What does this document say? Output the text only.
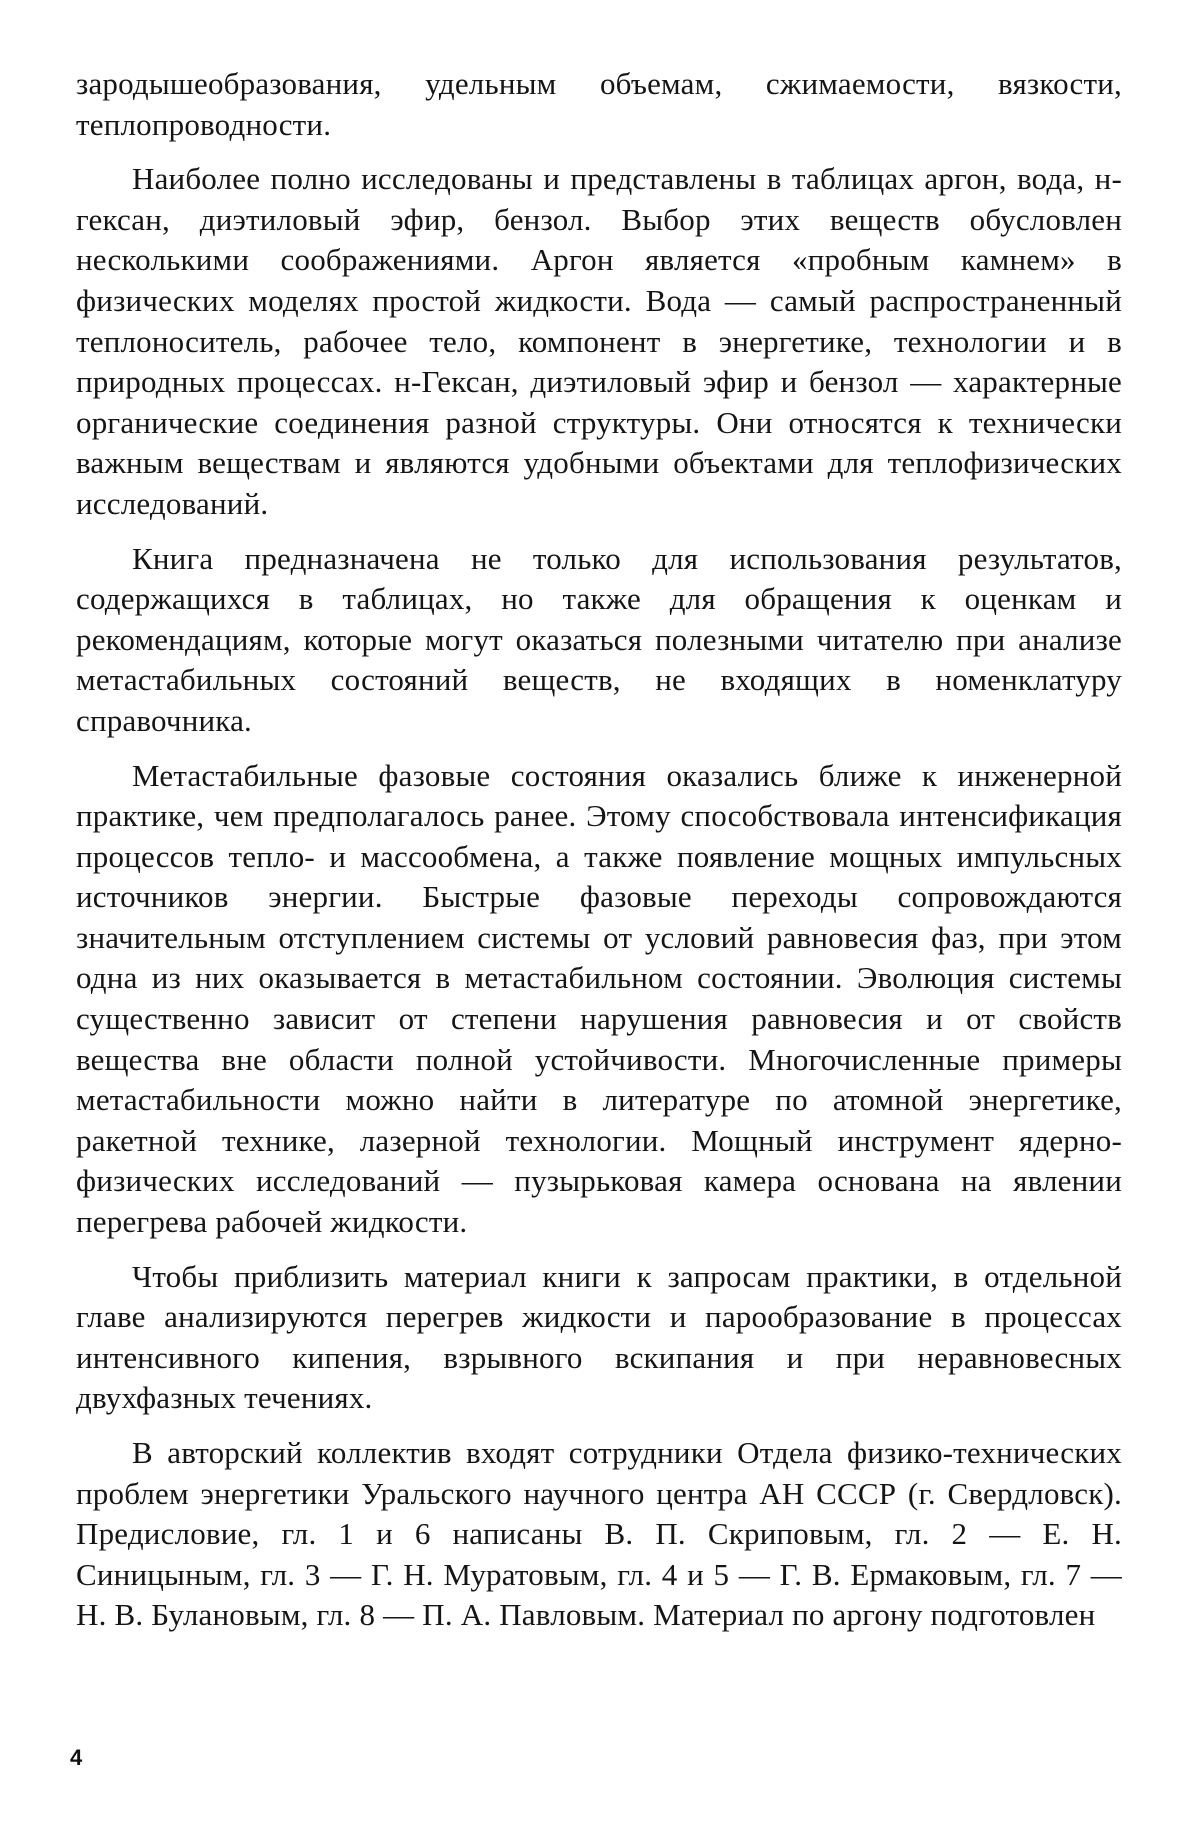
зародышеобразования, удельным объемам, сжимаемости, вязкости, теплопроводности.

Наиболее полно исследованы и представлены в таблицах аргон, вода, н-гексан, диэтиловый эфир, бензол. Выбор этих веществ обусловлен несколькими соображениями. Аргон является «пробным камнем» в физических моделях простой жидкости. Вода — самый распространенный теплоноситель, рабочее тело, компонент в энергетике, технологии и в природных процессах. н-Гексан, диэтиловый эфир и бензол — характерные органические соединения разной структуры. Они относятся к технически важным веществам и являются удобными объектами для теплофизических исследований.

Книга предназначена не только для использования результатов, содержащихся в таблицах, но также для обращения к оценкам и рекомендациям, которые могут оказаться полезными читателю при анализе метастабильных состояний веществ, не входящих в номенклатуру справочника.

Метастабильные фазовые состояния оказались ближе к инженерной практике, чем предполагалось ранее. Этому способствовала интенсификация процессов тепло- и массообмена, а также появление мощных импульсных источников энергии. Быстрые фазовые переходы сопровождаются значительным отступлением системы от условий равновесия фаз, при этом одна из них оказывается в метастабильном состоянии. Эволюция системы существенно зависит от степени нарушения равновесия и от свойств вещества вне области полной устойчивости. Многочисленные примеры метастабильности можно найти в литературе по атомной энергетике, ракетной технике, лазерной технологии. Мощный инструмент ядерно-физических исследований — пузырьковая камера основана на явлении перегрева рабочей жидкости.

Чтобы приблизить материал книги к запросам практики, в отдельной главе анализируются перегрев жидкости и парообразование в процессах интенсивного кипения, взрывного вскипания и при неравновесных двухфазных течениях.

В авторский коллектив входят сотрудники Отдела физико-технических проблем энергетики Уральского научного центра АН СССР (г. Свердловск). Предисловие, гл. 1 и 6 написаны В. П. Скриповым, гл. 2 — Е. Н. Синицыным, гл. 3 — Г. Н. Муратовым, гл. 4 и 5 — Г. В. Ермаковым, гл. 7 — Н. В. Булановым, гл. 8 — П. А. Павловым. Материал по аргону подготовлен

4
